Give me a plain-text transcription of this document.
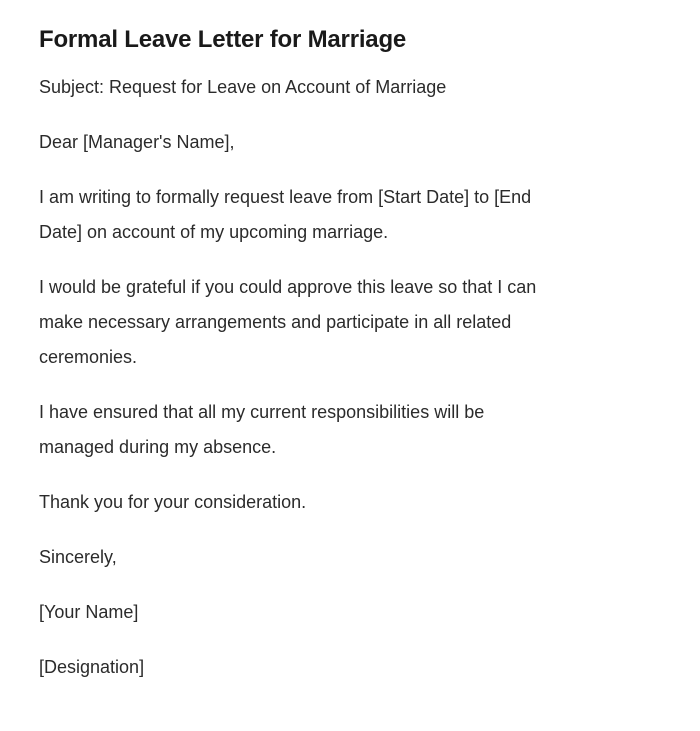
Formal Leave Letter for Marriage

Subject: Request for Leave on Account of Marriage

Dear [Manager's Name],

I am writing to formally request leave from [Start Date] to [End
Date] on account of my upcoming marriage.

I would be grateful if you could approve this leave so that I can
make necessary arrangements and participate in all related
ceremonies.

I have ensured that all my current responsibilities will be
managed during my absence.

Thank you for your consideration.

Sincerely,

[Your Name]

[Designation]
